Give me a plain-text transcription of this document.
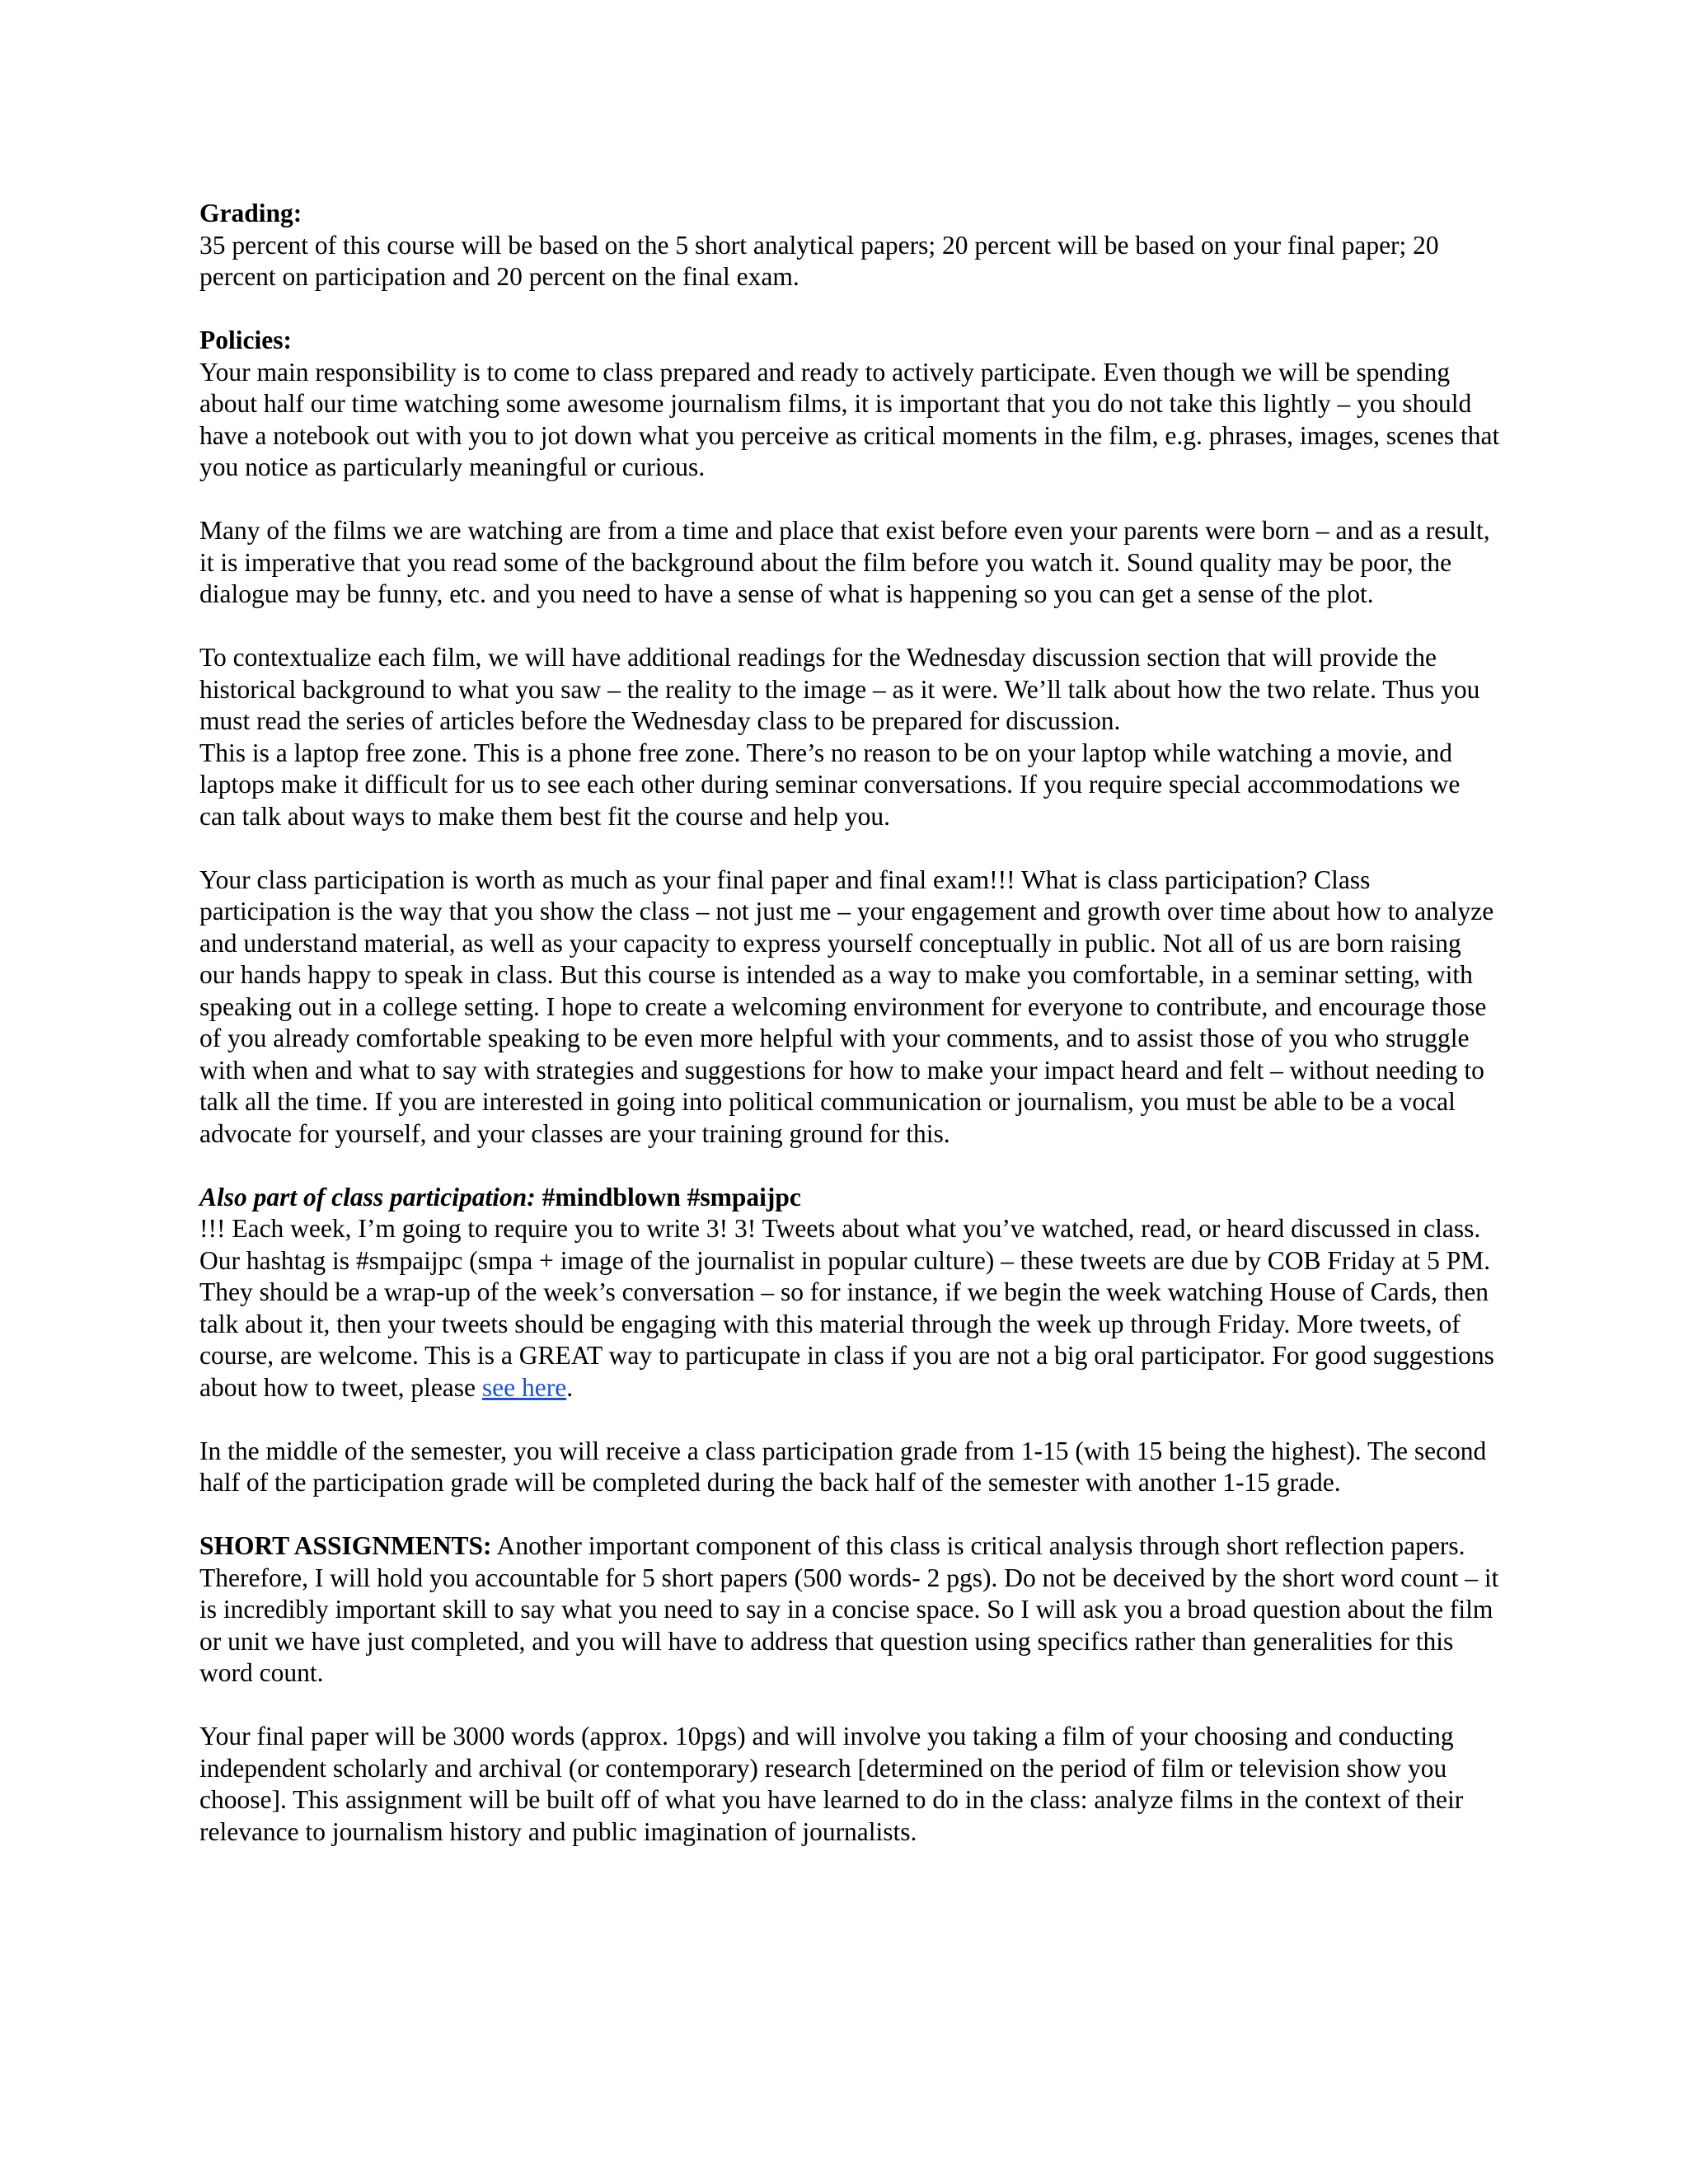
Grading:

35 percent of this course will be based on the 5 short analytical papers; 20 percent will be based on your final paper; 20 percent on participation and 20 percent on the final exam.

Policies:

Your main responsibility is to come to class prepared and ready to actively participate. Even though we will be spending about half our time watching some awesome journalism films, it is important that you do not take this lightly – you should have a notebook out with you to jot down what you perceive as critical moments in the film, e.g. phrases, images, scenes that you notice as particularly meaningful or curious.

Many of the films we are watching are from a time and place that exist before even your parents were born – and as a result, it is imperative that you read some of the background about the film before you watch it. Sound quality may be poor, the dialogue may be funny, etc. and you need to have a sense of what is happening so you can get a sense of the plot.

To contextualize each film, we will have additional readings for the Wednesday discussion section that will provide the historical background to what you saw – the reality to the image – as it were. We’ll talk about how the two relate. Thus you must read the series of articles before the Wednesday class to be prepared for discussion.

This is a laptop free zone. This is a phone free zone. There’s no reason to be on your laptop while watching a movie, and laptops make it difficult for us to see each other during seminar conversations. If you require special accommodations we can talk about ways to make them best fit the course and help you.

Your class participation is worth as much as your final paper and final exam!!! What is class participation? Class participation is the way that you show the class – not just me – your engagement and growth over time about how to analyze and understand material, as well as your capacity to express yourself conceptually in public. Not all of us are born raising our hands happy to speak in class. But this course is intended as a way to make you comfortable, in a seminar setting, with speaking out in a college setting. I hope to create a welcoming environment for everyone to contribute, and encourage those of you already comfortable speaking to be even more helpful with your comments, and to assist those of you who struggle with when and what to say with strategies and suggestions for how to make your impact heard and felt – without needing to talk all the time. If you are interested in going into political communication or journalism, you must be able to be a vocal advocate for yourself, and your classes are your training ground for this.

Also part of class participation: #mindblown #smpaijpc

!!! Each week, I’m going to require you to write 3! 3! Tweets about what you’ve watched, read, or heard discussed in class. Our hashtag is #smpaijpc (smpa + image of the journalist in popular culture) – these tweets are due by COB Friday at 5 PM. They should be a wrap-up of the week’s conversation – so for instance, if we begin the week watching House of Cards, then talk about it, then your tweets should be engaging with this material through the week up through Friday. More tweets, of course, are welcome. This is a GREAT way to particupate in class if you are not a big oral participator. For good suggestions about how to tweet, please see here.

In the middle of the semester, you will receive a class participation grade from 1-15 (with 15 being the highest). The second half of the participation grade will be completed during the back half of the semester with another 1-15 grade.

SHORT ASSIGNMENTS: Another important component of this class is critical analysis through short reflection papers. Therefore, I will hold you accountable for 5 short papers (500 words- 2 pgs). Do not be deceived by the short word count – it is incredibly important skill to say what you need to say in a concise space. So I will ask you a broad question about the film or unit we have just completed, and you will have to address that question using specifics rather than generalities for this word count.

Your final paper will be 3000 words (approx. 10pgs) and will involve you taking a film of your choosing and conducting independent scholarly and archival (or contemporary) research [determined on the period of film or television show you choose]. This assignment will be built off of what you have learned to do in the class: analyze films in the context of their relevance to journalism history and public imagination of journalists.
